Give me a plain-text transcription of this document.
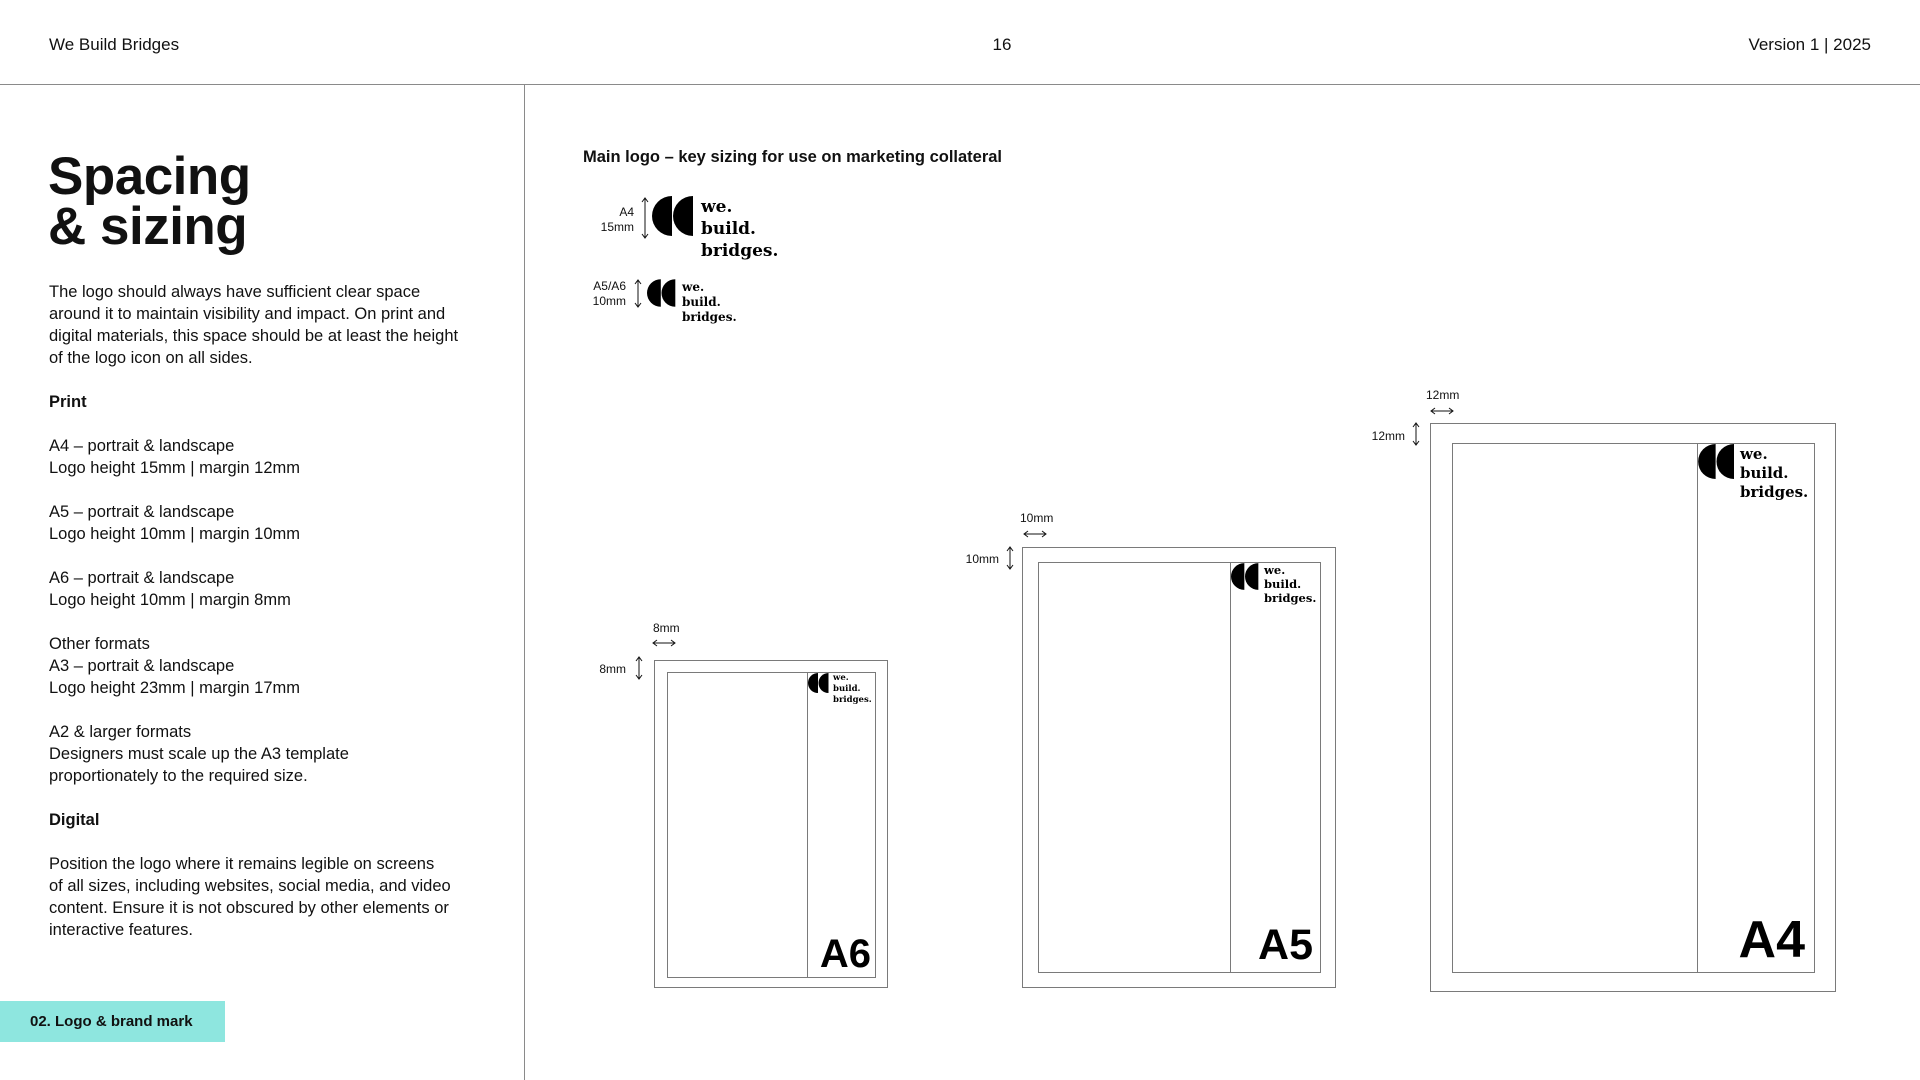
We Build Bridges	16	Version 1 | 2025
Spacing
& sizing
The logo should always have sufficient clear space
around it to maintain visibility and impact. On print and
digital materials, this space should be at least the height
of the logo icon on all sides.
Print
A4 – portrait & landscape
Logo height 15mm | margin 12mm
A5 – portrait & landscape
Logo height 10mm | margin 10mm
A6 – portrait & landscape
Logo height 10mm | margin 8mm
Other formats
A3 – portrait & landscape
Logo height 23mm | margin 17mm
A2 & larger formats
Designers must scale up the A3 template
proportionately to the required size.
Digital
Position the logo where it remains legible on screens
of all sizes, including websites, social media, and video
content. Ensure it is not obscured by other elements or
interactive features.
02. Logo & brand mark
Main logo – key sizing for use on marketing collateral
A4
15mm
we. build.
bridges.
A5/A6
10mm
we. build.
bridges.
8mm
8mm
we. build.
bridges.
A6
10mm
10mm
we. build.
bridges.
A5
12mm
12mm
we. build.
bridges.
A4
